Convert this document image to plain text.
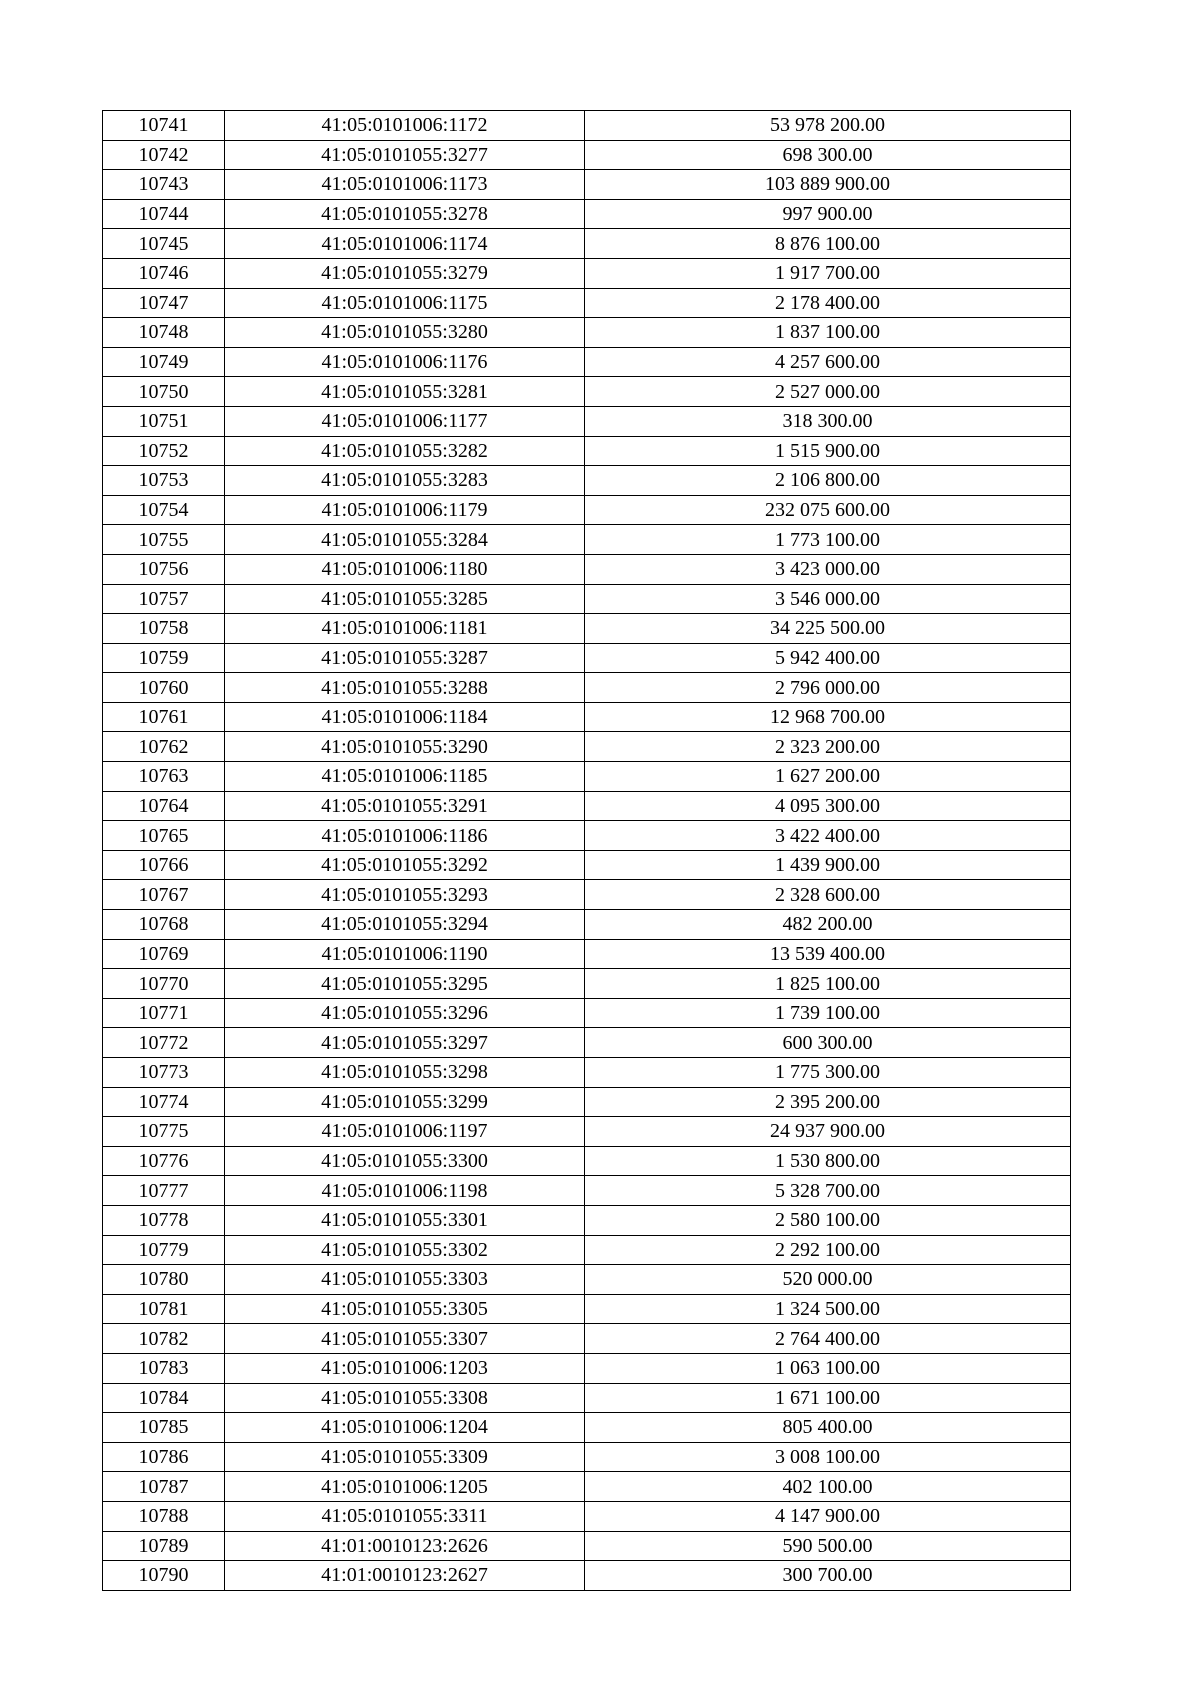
10741	41:05:0101006:1172	53 978 200.00
10742	41:05:0101055:3277	698 300.00
10743	41:05:0101006:1173	103 889 900.00
10744	41:05:0101055:3278	997 900.00
10745	41:05:0101006:1174	8 876 100.00
10746	41:05:0101055:3279	1 917 700.00
10747	41:05:0101006:1175	2 178 400.00
10748	41:05:0101055:3280	1 837 100.00
10749	41:05:0101006:1176	4 257 600.00
10750	41:05:0101055:3281	2 527 000.00
10751	41:05:0101006:1177	318 300.00
10752	41:05:0101055:3282	1 515 900.00
10753	41:05:0101055:3283	2 106 800.00
10754	41:05:0101006:1179	232 075 600.00
10755	41:05:0101055:3284	1 773 100.00
10756	41:05:0101006:1180	3 423 000.00
10757	41:05:0101055:3285	3 546 000.00
10758	41:05:0101006:1181	34 225 500.00
10759	41:05:0101055:3287	5 942 400.00
10760	41:05:0101055:3288	2 796 000.00
10761	41:05:0101006:1184	12 968 700.00
10762	41:05:0101055:3290	2 323 200.00
10763	41:05:0101006:1185	1 627 200.00
10764	41:05:0101055:3291	4 095 300.00
10765	41:05:0101006:1186	3 422 400.00
10766	41:05:0101055:3292	1 439 900.00
10767	41:05:0101055:3293	2 328 600.00
10768	41:05:0101055:3294	482 200.00
10769	41:05:0101006:1190	13 539 400.00
10770	41:05:0101055:3295	1 825 100.00
10771	41:05:0101055:3296	1 739 100.00
10772	41:05:0101055:3297	600 300.00
10773	41:05:0101055:3298	1 775 300.00
10774	41:05:0101055:3299	2 395 200.00
10775	41:05:0101006:1197	24 937 900.00
10776	41:05:0101055:3300	1 530 800.00
10777	41:05:0101006:1198	5 328 700.00
10778	41:05:0101055:3301	2 580 100.00
10779	41:05:0101055:3302	2 292 100.00
10780	41:05:0101055:3303	520 000.00
10781	41:05:0101055:3305	1 324 500.00
10782	41:05:0101055:3307	2 764 400.00
10783	41:05:0101006:1203	1 063 100.00
10784	41:05:0101055:3308	1 671 100.00
10785	41:05:0101006:1204	805 400.00
10786	41:05:0101055:3309	3 008 100.00
10787	41:05:0101006:1205	402 100.00
10788	41:05:0101055:3311	4 147 900.00
10789	41:01:0010123:2626	590 500.00
10790	41:01:0010123:2627	300 700.00
